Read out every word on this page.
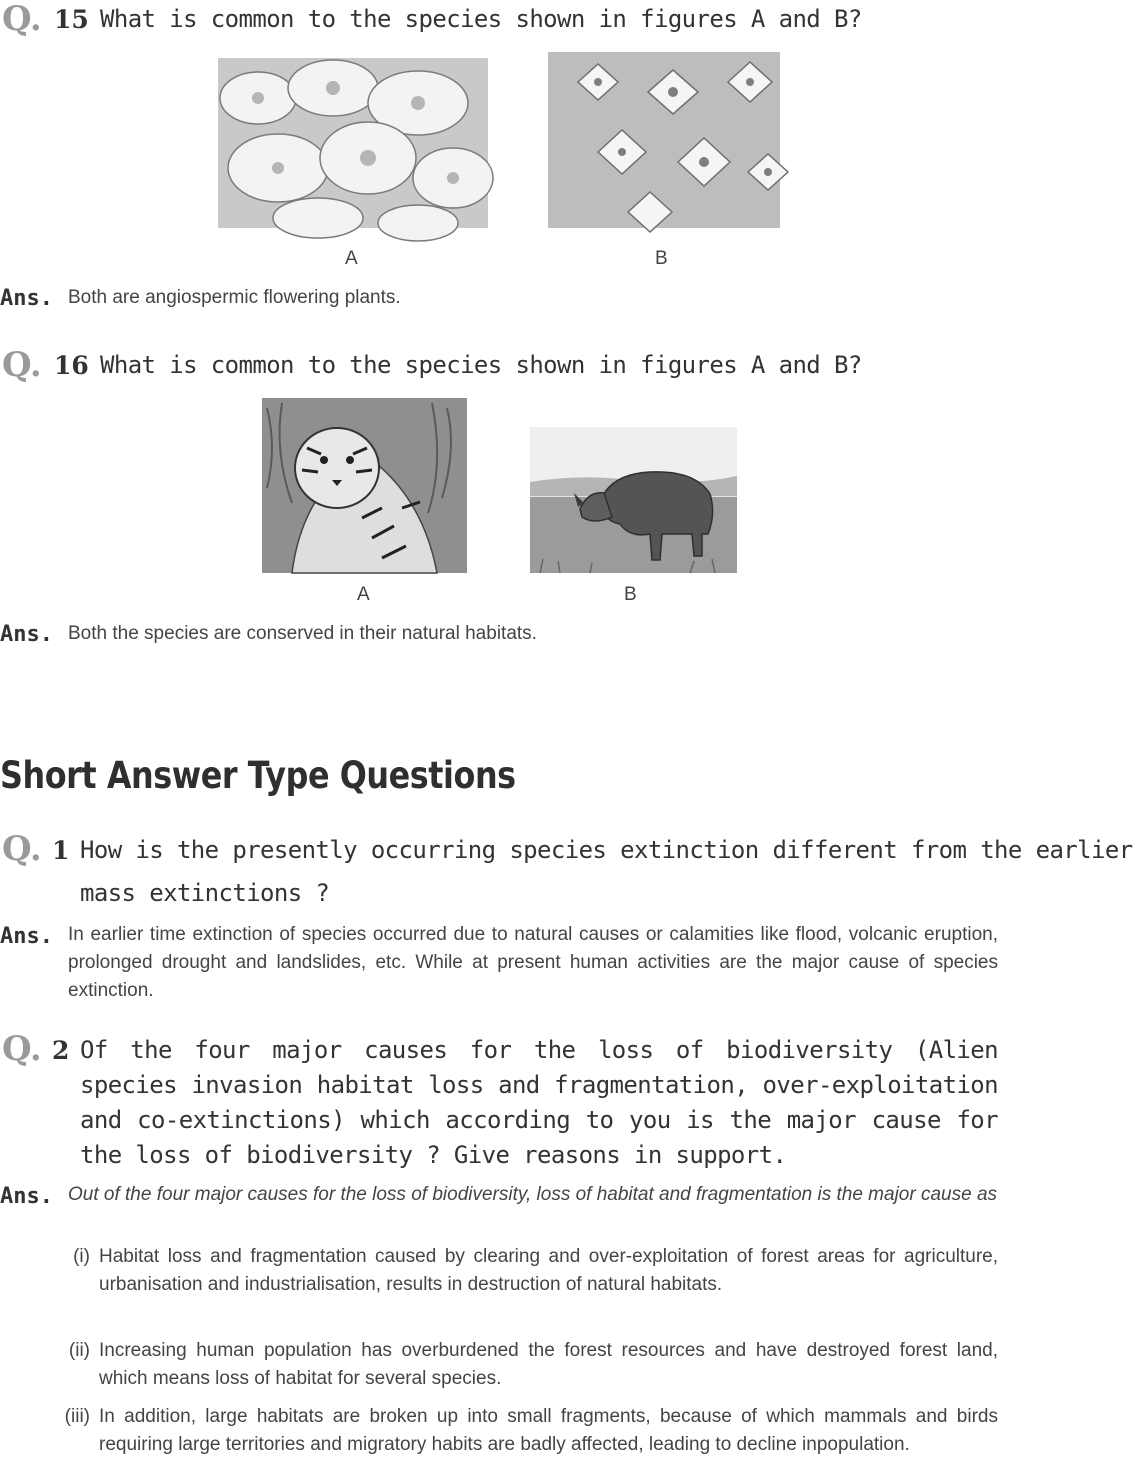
Q. 15 What is common to the species shown in figures A and B?
A	B
Ans. Both are angiospermic flowering plants.
Q. 16 What is common to the species shown in figures A and B?
A	B
Ans. Both the species are conserved in their natural habitats.
Short Answer Type Questions
Q. 1 How is the presently occurring species extinction different from the earlier
mass extinctions ?
Ans. In earlier time extinction of species occurred due to natural causes or calamities like flood, volcanic eruption, prolonged drought and landslides, etc. While at present human activities are the major cause of species extinction.
Q. 2 Of the four major causes for the loss of biodiversity (Alien species invasion habitat loss and fragmentation, over-exploitation and co-extinctions) which according to you is the major cause for the loss of biodiversity ? Give reasons in support.
Ans. Out of the four major causes for the loss of biodiversity, loss of habitat and fragmentation is the major cause as
(i) Habitat loss and fragmentation caused by clearing and over-exploitation of forest areas for agriculture, urbanisation and industrialisation, results in destruction of natural habitats.
(ii) Increasing human population has overburdened the forest resources and have destroyed forest land, which means loss of habitat for several species.
(iii) In addition, large habitats are broken up into small fragments, because of which mammals and birds requiring large territories and migratory habits are badly affected, leading to decline inpopulation.
